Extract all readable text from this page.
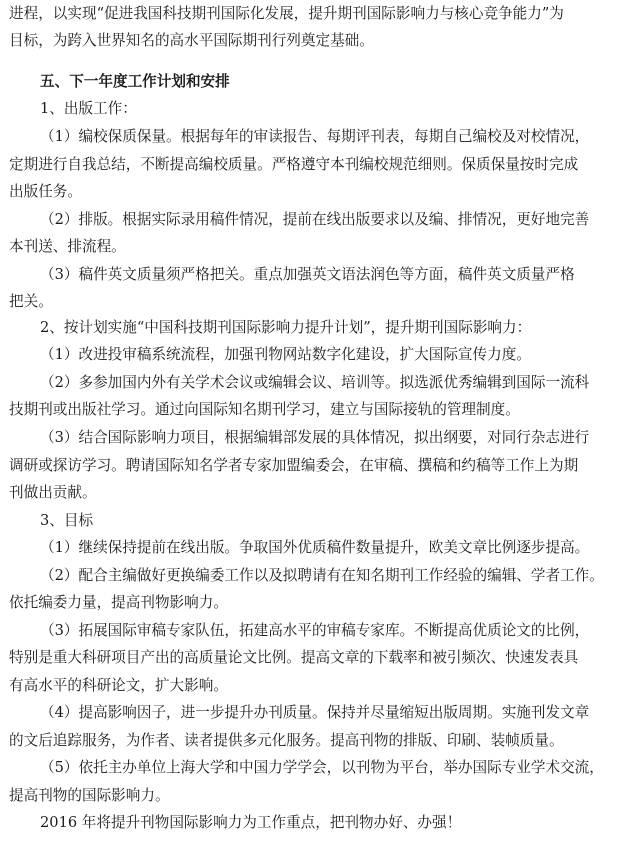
进程，以实现“促进我国科技期刊国际化发展，提升期刊国际影响力与核心竞争能力”为

目标，为跨入世界知名的高水平国际期刊行列奠定基础。

五、下一年度工作计划和安排

1、出版工作：

（1）编校保质保量。根据每年的审读报告、每期评刊表，每期自己编校及对校情况，

定期进行自我总结，不断提高编校质量。严格遵守本刊编校规范细则。保质保量按时完成

出版任务。

（2）排版。根据实际录用稿件情况，提前在线出版要求以及编、排情况，更好地完善

本刊送、排流程。

（3）稿件英文质量须严格把关。重点加强英文语法润色等方面，稿件英文质量严格

把关。

2、按计划实施“中国科技期刊国际影响力提升计划”，提升期刊国际影响力：

（1）改进投审稿系统流程，加强刊物网站数字化建设，扩大国际宣传力度。

（2）多参加国内外有关学术会议或编辑会议、培训等。拟选派优秀编辑到国际一流科

技期刊或出版社学习。通过向国际知名期刊学习，建立与国际接轨的管理制度。

（3）结合国际影响力项目，根据编辑部发展的具体情况，拟出纲要，对同行杂志进行

调研或探访学习。聘请国际知名学者专家加盟编委会，在审稿、撰稿和约稿等工作上为期

刊做出贡献。

3、目标

（1）继续保持提前在线出版。争取国外优质稿件数量提升，欧美文章比例逐步提高。

（2）配合主编做好更换编委工作以及拟聘请有在知名期刊工作经验的编辑、学者工作。

依托编委力量，提高刊物影响力。

（3）拓展国际审稿专家队伍，拓建高水平的审稿专家库。不断提高优质论文的比例，

特别是重大科研项目产出的高质量论文比例。提高文章的下载率和被引频次、快速发表具

有高水平的科研论文，扩大影响。

（4）提高影响因子，进一步提升办刊质量。保持并尽量缩短出版周期。实施刊发文章

的文后追踪服务，为作者、读者提供多元化服务。提高刊物的排版、印刷、装帧质量。

（5）依托主办单位上海大学和中国力学学会，以刊物为平台，举办国际专业学术交流，

提高刊物的国际影响力。

2016 年将提升刊物国际影响力为工作重点，把刊物办好、办强！
